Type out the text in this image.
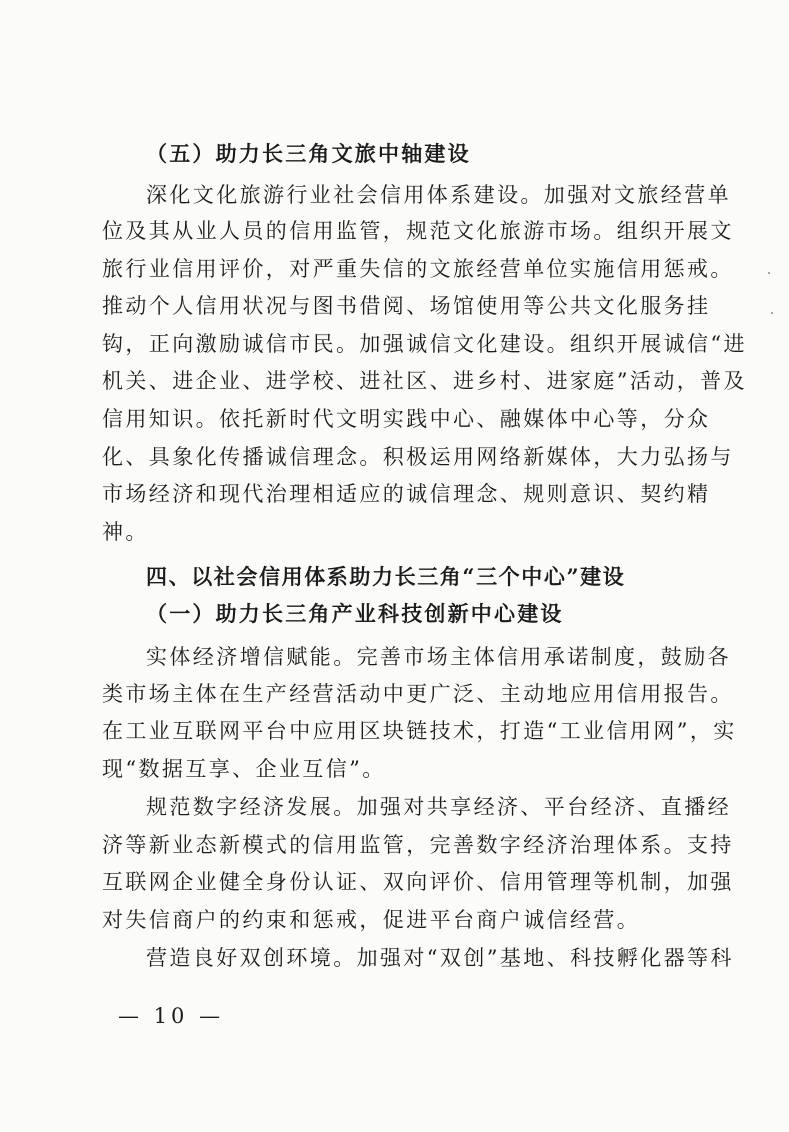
（五）助力长三角文旅中轴建设
深化文化旅游行业社会信用体系建设。加强对文旅经营单
位及其从业人员的信用监管，规范文化旅游市场。组织开展文
旅行业信用评价，对严重失信的文旅经营单位实施信用惩戒。
推动个人信用状况与图书借阅、场馆使用等公共文化服务挂
钩，正向激励诚信市民。加强诚信文化建设。组织开展诚信“进
机关、进企业、进学校、进社区、进乡村、进家庭”活动，普及
信用知识。依托新时代文明实践中心、融媒体中心等，分众
化、具象化传播诚信理念。积极运用网络新媒体，大力弘扬与
市场经济和现代治理相适应的诚信理念、规则意识、契约精
神。
四、以社会信用体系助力长三角“三个中心”建设
（一）助力长三角产业科技创新中心建设
实体经济增信赋能。完善市场主体信用承诺制度，鼓励各
类市场主体在生产经营活动中更广泛、主动地应用信用报告。
在工业互联网平台中应用区块链技术，打造“工业信用网”，实
现“数据互享、企业互信”。
规范数字经济发展。加强对共享经济、平台经济、直播经
济等新业态新模式的信用监管，完善数字经济治理体系。支持
互联网企业健全身份认证、双向评价、信用管理等机制，加强
对失信商户的约束和惩戒，促进平台商户诚信经营。
营造良好双创环境。加强对“双创”基地、科技孵化器等科
— 10 —
